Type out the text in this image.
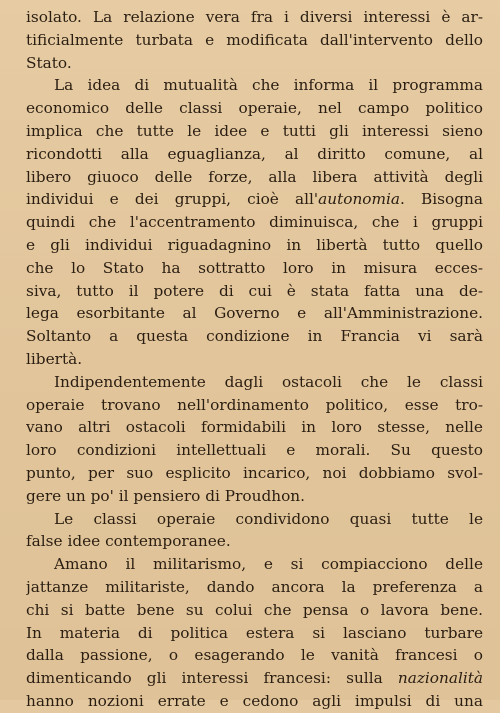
isolato. La relazione vera fra i diversi interessi è ar-
tificialmente turbata e modificata dall'intervento dello
Stato.
La idea di mutualità che informa il programma
economico delle classi operaie, nel campo politico
implica che tutte le idee e tutti gli interessi sieno
ricondotti alla eguaglianza, al diritto comune, al
libero giuoco delle forze, alla libera attività degli
individui e dei gruppi, cioè all'autonomia. Bisogna
quindi che l'accentramento diminuisca, che i gruppi
e gli individui riguadagnino in libertà tutto quello
che lo Stato ha sottratto loro in misura ecces-
siva, tutto il potere di cui è stata fatta una de-
lega esorbitante al Governo e all'Amministrazione.
Soltanto a questa condizione in Francia vi sarà
libertà.
Indipendentemente dagli ostacoli che le classi
operaie trovano nell'ordinamento politico, esse tro-
vano altri ostacoli formidabili in loro stesse, nelle
loro condizioni intellettuali e morali. Su questo
punto, per suo esplicito incarico, noi dobbiamo svol-
gere un po' il pensiero di Proudhon.
Le classi operaie condividono quasi tutte le
false idee contemporanee.
Amano il militarismo, e si compiacciono delle
jattanze militariste, dando ancora la preferenza a
chi si batte bene su colui che pensa o lavora bene.
In materia di politica estera si lasciano turbare
dalla passione, o esagerando le vanità francesi o
dimenticando gli interessi francesi: sulla nazionalità
hanno nozioni errate e cedono agli impulsi di una
